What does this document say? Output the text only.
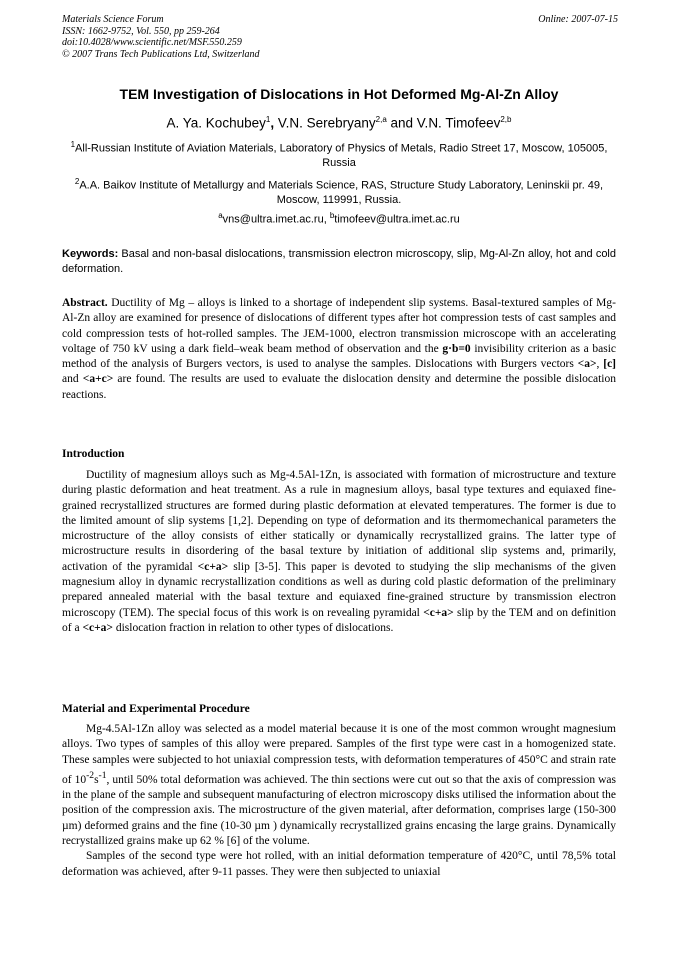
Materials Science Forum
ISSN: 1662-9752, Vol. 550, pp 259-264
doi:10.4028/www.scientific.net/MSF.550.259
© 2007 Trans Tech Publications Ltd, Switzerland
Online: 2007-07-15
TEM Investigation of Dislocations in Hot Deformed Mg-Al-Zn Alloy
A. Ya. Kochubey$^1$, V.N. Serebryany$^{2,a}$ and V.N. Timofeev$^{2,b}$
$^1$All-Russian Institute of Aviation Materials, Laboratory of Physics of Metals, Radio Street 17, Moscow, 105005, Russia
$^2$A.A. Baikov Institute of Metallurgy and Materials Science, RAS, Structure Study Laboratory, Leninskii pr. 49, Moscow, 119991, Russia.
$^a$vns@ultra.imet.ac.ru, $^b$timofeev@ultra.imet.ac.ru
Keywords: Basal and non-basal dislocations, transmission electron microscopy, slip, Mg-Al-Zn alloy, hot and cold deformation.
Abstract. Ductility of Mg – alloys is linked to a shortage of independent slip systems. Basal-textured samples of Mg-Al-Zn alloy are examined for presence of dislocations of different types after hot compression tests of cast samples and cold compression tests of hot-rolled samples. The JEM-1000, electron transmission microscope with an accelerating voltage of 750 kV using a dark field–weak beam method of observation and the g·b=0 invisibility criterion as a basic method of the analysis of Burgers vectors, is used to analyse the samples. Dislocations with Burgers vectors <a>, [c] and <a+c> are found. The results are used to evaluate the dislocation density and determine the possible dislocation reactions.
Introduction

Ductility of magnesium alloys such as Mg-4.5Al-1Zn, is associated with formation of microstructure and texture during plastic deformation and heat treatment. As a rule in magnesium alloys, basal type textures and equiaxed fine-grained recrystallized structures are formed during plastic deformation at elevated temperatures. The former is due to the limited amount of slip systems [1,2]. Depending on type of deformation and its thermomechanical parameters the microstructure of the alloy consists of either statically or dynamically recrystallized grains. The latter type of microstructure results in disordering of the basal texture by initiation of additional slip systems and, primarily, activation of the pyramidal <c+a> slip [3-5]. This paper is devoted to studying the slip mechanisms of the given magnesium alloy in dynamic recrystallization conditions as well as during cold plastic deformation of the preliminary prepared annealed material with the basal texture and equiaxed fine-grained structure by transmission electron microscopy (TEM). The special focus of this work is on revealing pyramidal <c+a> slip by the TEM and on definition of a <c+a> dislocation fraction in relation to other types of dislocations.

Material and Experimental Procedure

Mg-4.5Al-1Zn alloy was selected as a model material because it is one of the most common wrought magnesium alloys. Two types of samples of this alloy were prepared. Samples of the first type were cast in a homogenized state. These samples were subjected to hot uniaxial compression tests, with deformation temperatures of 450°C and strain rate of $10^{-2}s^{-1}$, until 50% total deformation was achieved. The thin sections were cut out so that the axis of compression was in the plane of the sample and subsequent manufacturing of electron microscopy disks utilised the information about the position of the compression axis. The microstructure of the given material, after deformation, comprises large (150-300 µm) deformed grains and the fine (10-30 µm ) dynamically recrystallized grains encasing the large grains. Dynamically recrystallized grains make up 62 % [6] of the volume.

Samples of the second type were hot rolled, with an initial deformation temperature of 420°C, until 78,5% total deformation was achieved, after 9-11 passes. They were then subjected to uniaxial
